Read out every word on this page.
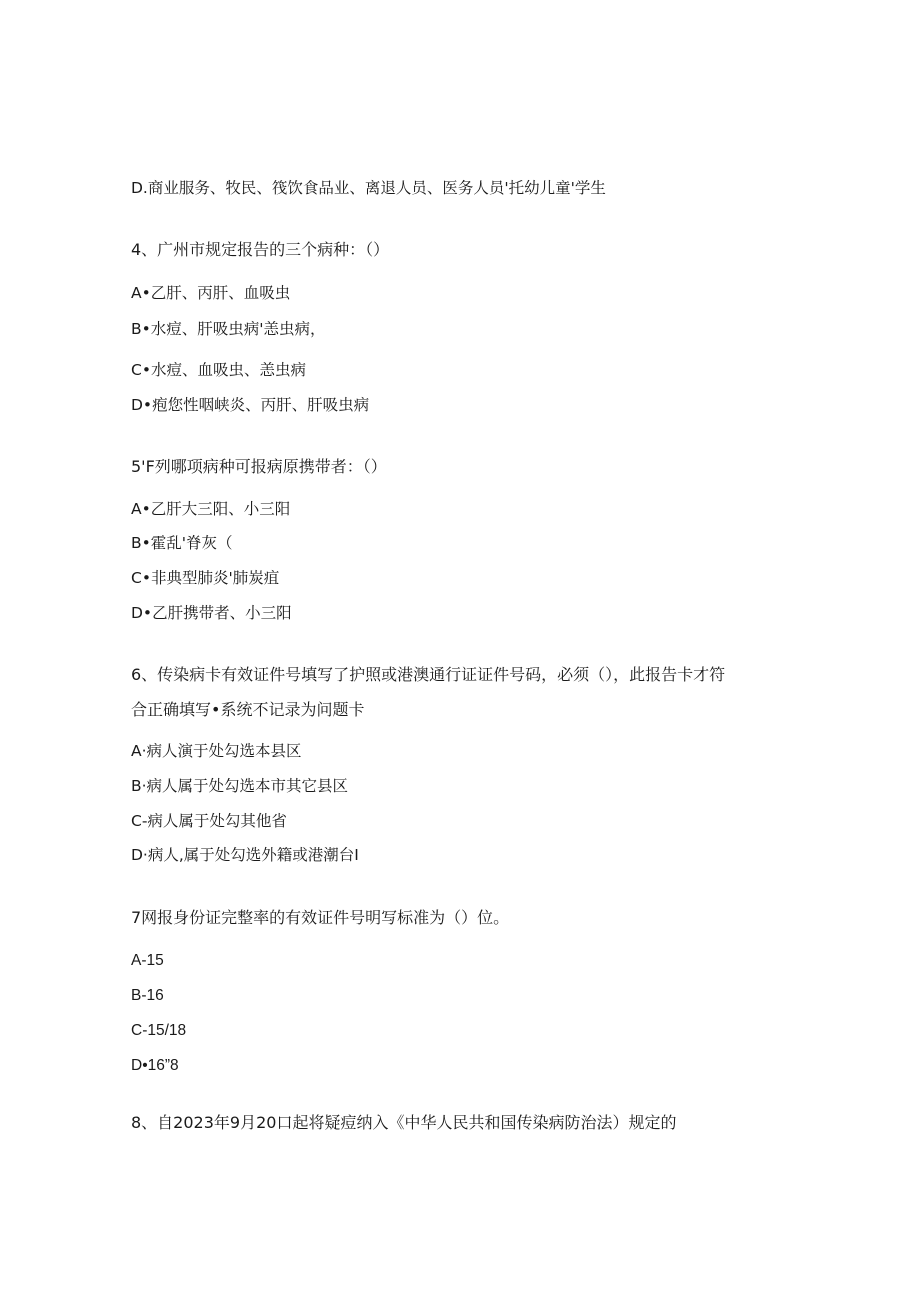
D.商业服务、牧民、筏饮食品业、离退人员、医务人员'托幼儿童'学生
4、广州市规定报告的三个病种：（）
A•乙肝、丙肝、血吸虫
B•水痘、肝吸虫病'恙虫病，
C•水痘、血吸虫、恙虫病
D•疱您性咽峡炎、丙肝、肝吸虫病
5'F列哪项病种可报病原携带者：（）
A•乙肝大三阳、小三阳
B•霍乱'脊灰（
C•非典型肺炎'肺炭疽
D•乙肝携带者、小三阳
6、传染病卡有效证件号填写了护照或港澳通行证证件号码，必须（），此报告卡才符
合正确填写•系统不记录为问题卡
A·病人演于处勾选本县区
B·病人属于处勾选本市其它县区
C-病人属于处勾其他省
D·病人,属于处勾选外籍或港潮台I
7网报身份证完整率的有效证件号明写标准为（）位。
A-15
B-16
C-15/18
D•16”8
8、自2023年9月20口起将疑痘纳入《中华人民共和国传染病防治法）规定的
